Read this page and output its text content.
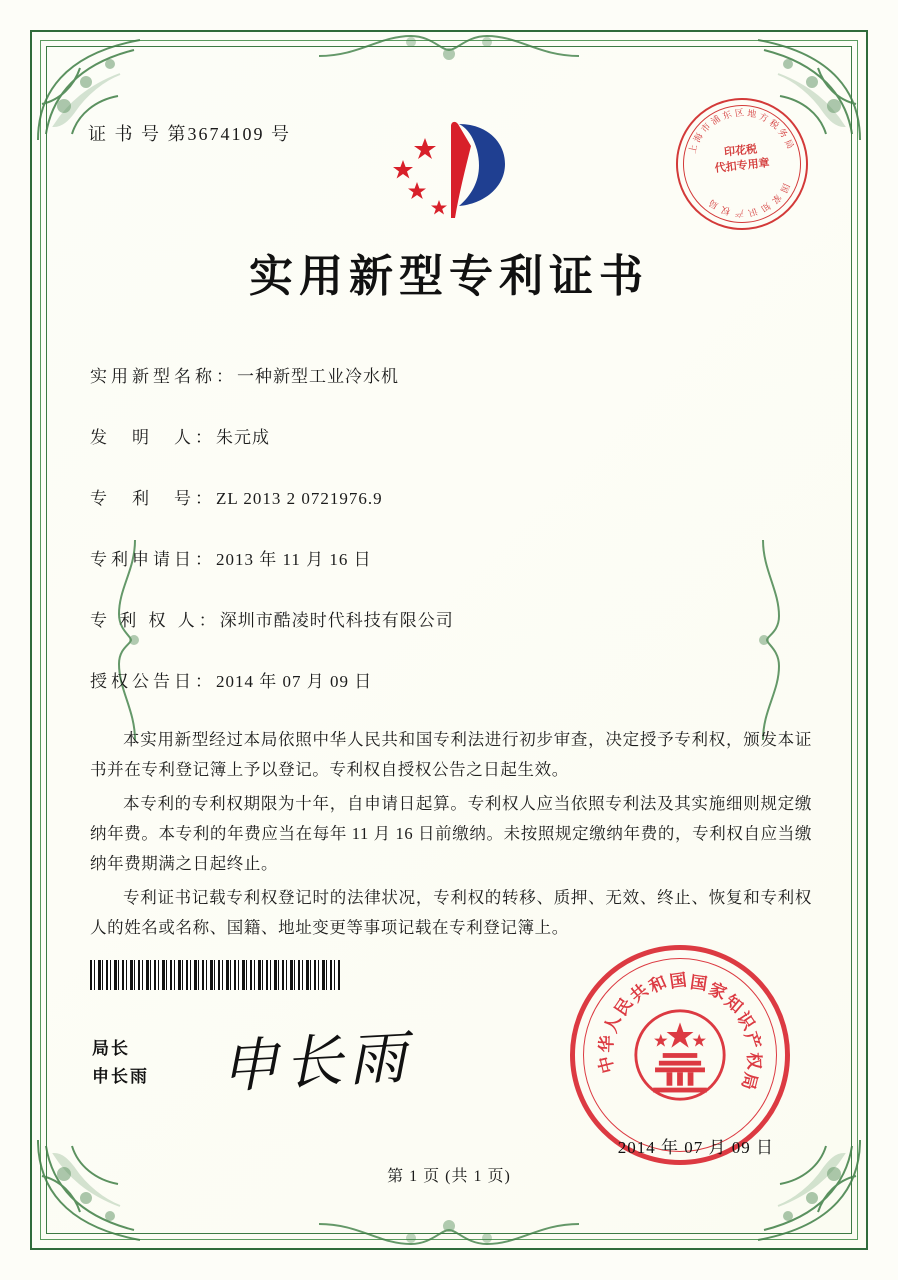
证 书 号 第3674109 号
上
海
市
浦
东 区 地 方
税
务
局
国
家
知
识
产
权
局
印花税
代扣专用章
实用新型专利证书
实用新型名称：一种新型工业冷水机
发　明　人：朱元成
专　利　号：ZL 2013 2 0721976.9
专利申请日：2013 年 11 月 16 日
专 利 权 人：深圳市酷凌时代科技有限公司
授权公告日：2014 年 07 月 09 日

本实用新型经过本局依照中华人民共和国专利法进行初步审查，决定授予专利权，颁发本证书并在专利登记簿上予以登记。专利权自授权公告之日起生效。

本专利的专利权期限为十年，自申请日起算。专利权人应当依照专利法及其实施细则规定缴纳年费。本专利的年费应当在每年 11 月 16 日前缴纳。未按照规定缴纳年费的，专利权自应当缴纳年费期满之日起终止。

专利证书记载专利权登记时的法律状况，专利权的转移、质押、无效、终止、恢复和专利权人的姓名或名称、国籍、地址变更等事项记载在专利登记簿上。

局长
申长雨 申长雨	中
华
人
民
共
和
国 国
家
知
识
产
权
局
2014 年 07 月 09 日
第 1 页 (共 1 页)
